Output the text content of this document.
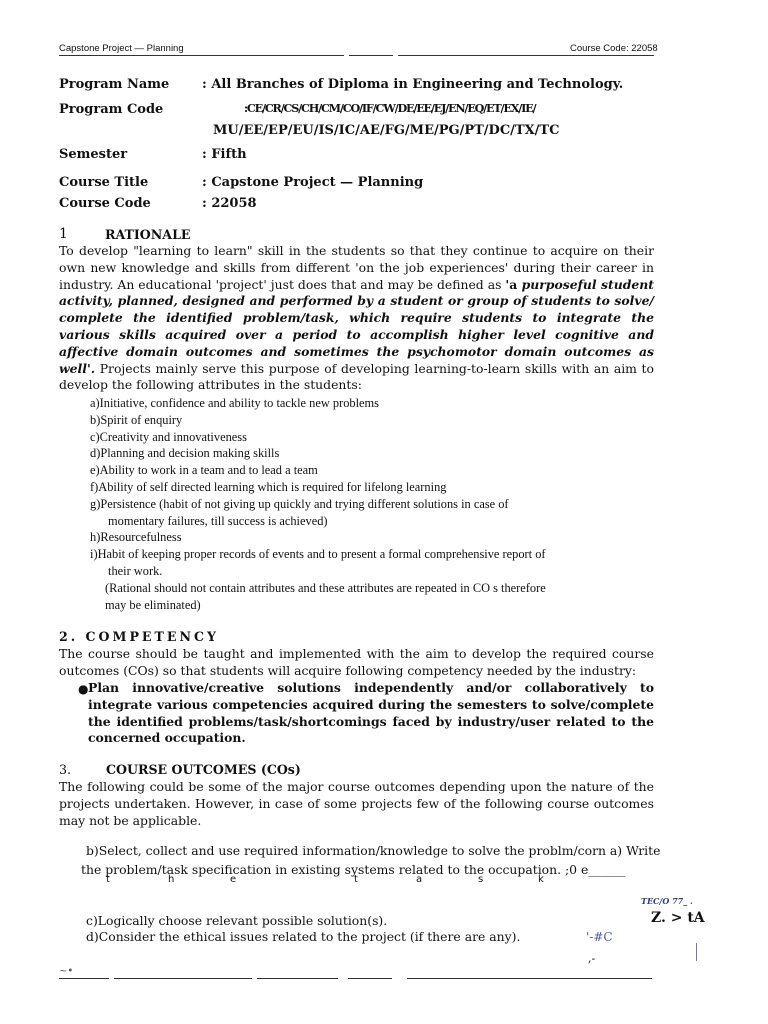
Capstone Project — Planning	Course Code: 22058
Program Name	: All Branches of Diploma in Engineering and Technology.
Program Code	:CE/CR/CS/CH/CM/CO/IF/CW/DE/EE/EJ/EN/EQ/ET/EX/IE/
MU/EE/EP/EU/IS/IC/AE/FG/ME/PG/PT/DC/TX/TC
Semester	: Fifth
Course Title	: Capstone Project — Planning
Course Code	: 22058
1	RATIONALE
To develop "learning to learn" skill in the students so that they continue to acquire on their own new knowledge and skills from different 'on the job experiences' during their career in industry. An educational 'project' just does that and may be defined as 'a purposeful student activity, planned, designed and performed by a student or group of students to solve/ complete the identified problem/task, which require students to integrate the various skills acquired over a period to accomplish higher level cognitive and affective domain outcomes and sometimes the psychomotor domain outcomes as well'. Projects mainly serve this purpose of developing learning-to-learn skills with an aim to develop the following attributes in the students:
a)Initiative, confidence and ability to tackle new problems
b)Spirit of enquiry
c)Creativity and innovativeness
d)Planning and decision making skills
e)Ability to work in a team and to lead a team
f)Ability of self directed learning which is required for lifelong learning
g)Persistence (habit of not giving up quickly and trying different solutions in case of
momentary failures, till success is achieved)
h)Resourcefulness
i)Habit of keeping proper records of events and to present a formal comprehensive report of
their work.
(Rational should not contain attributes and these attributes are repeated in CO s therefore
may be eliminated)
2. COMPETENCY
The course should be taught and implemented with the aim to develop the required course outcomes (COs) so that students will acquire following competency needed by the industry:
● Plan innovative/creative solutions independently and/or collaboratively to integrate various competencies acquired during the semesters to solve/complete the identified problems/task/shortcomings faced by industry/user related to the concerned occupation.
3.	COURSE OUTCOMES (COs)
The following could be some of the major course outcomes depending upon the nature of the projects undertaken. However, in case of some projects few of the following course outcomes may not be applicable.
b)Select, collect and use required information/knowledge to solve the problm/corn a) Write
the problem/task specification in existing systems related to the occupation. ;0 e______
t	h	e	t	a	s	k
c)Logically choose relevant possible solution(s).
d)Consider the ethical issues related to the project (if there are any).
TEC/O 77_ .
Z. > tA
'-#C
,-
~•
